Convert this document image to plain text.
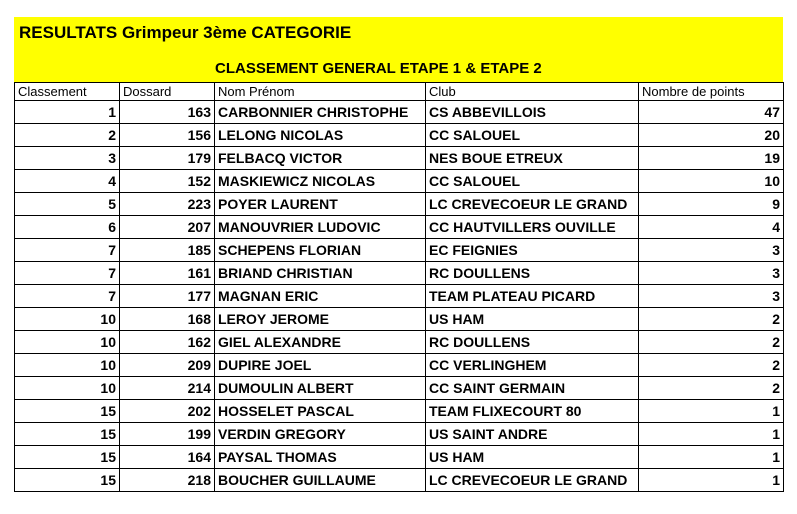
RESULTATS Grimpeur 3ème CATEGORIE
CLASSEMENT GENERAL ETAPE 1 & ETAPE 2
Classement	Dossard	Nom Prénom	Club	Nombre de points
1	163	CARBONNIER CHRISTOPHE	CS ABBEVILLOIS	47
2	156	LELONG NICOLAS	CC SALOUEL	20
3	179	FELBACQ VICTOR	NES BOUE ETREUX	19
4	152	MASKIEWICZ NICOLAS	CC SALOUEL	10
5	223	POYER LAURENT	LC CREVECOEUR LE GRAND	9
6	207	MANOUVRIER LUDOVIC	CC HAUTVILLERS OUVILLE	4
7	185	SCHEPENS FLORIAN	EC FEIGNIES	3
7	161	BRIAND CHRISTIAN	RC DOULLENS	3
7	177	MAGNAN ERIC	TEAM PLATEAU PICARD	3
10	168	LEROY JEROME	US HAM	2
10	162	GIEL ALEXANDRE	RC DOULLENS	2
10	209	DUPIRE JOEL	CC VERLINGHEM	2
10	214	DUMOULIN ALBERT	CC SAINT GERMAIN	2
15	202	HOSSELET PASCAL	TEAM FLIXECOURT 80	1
15	199	VERDIN GREGORY	US SAINT ANDRE	1
15	164	PAYSAL THOMAS	US HAM	1
15	218	BOUCHER GUILLAUME	LC CREVECOEUR LE GRAND	1
